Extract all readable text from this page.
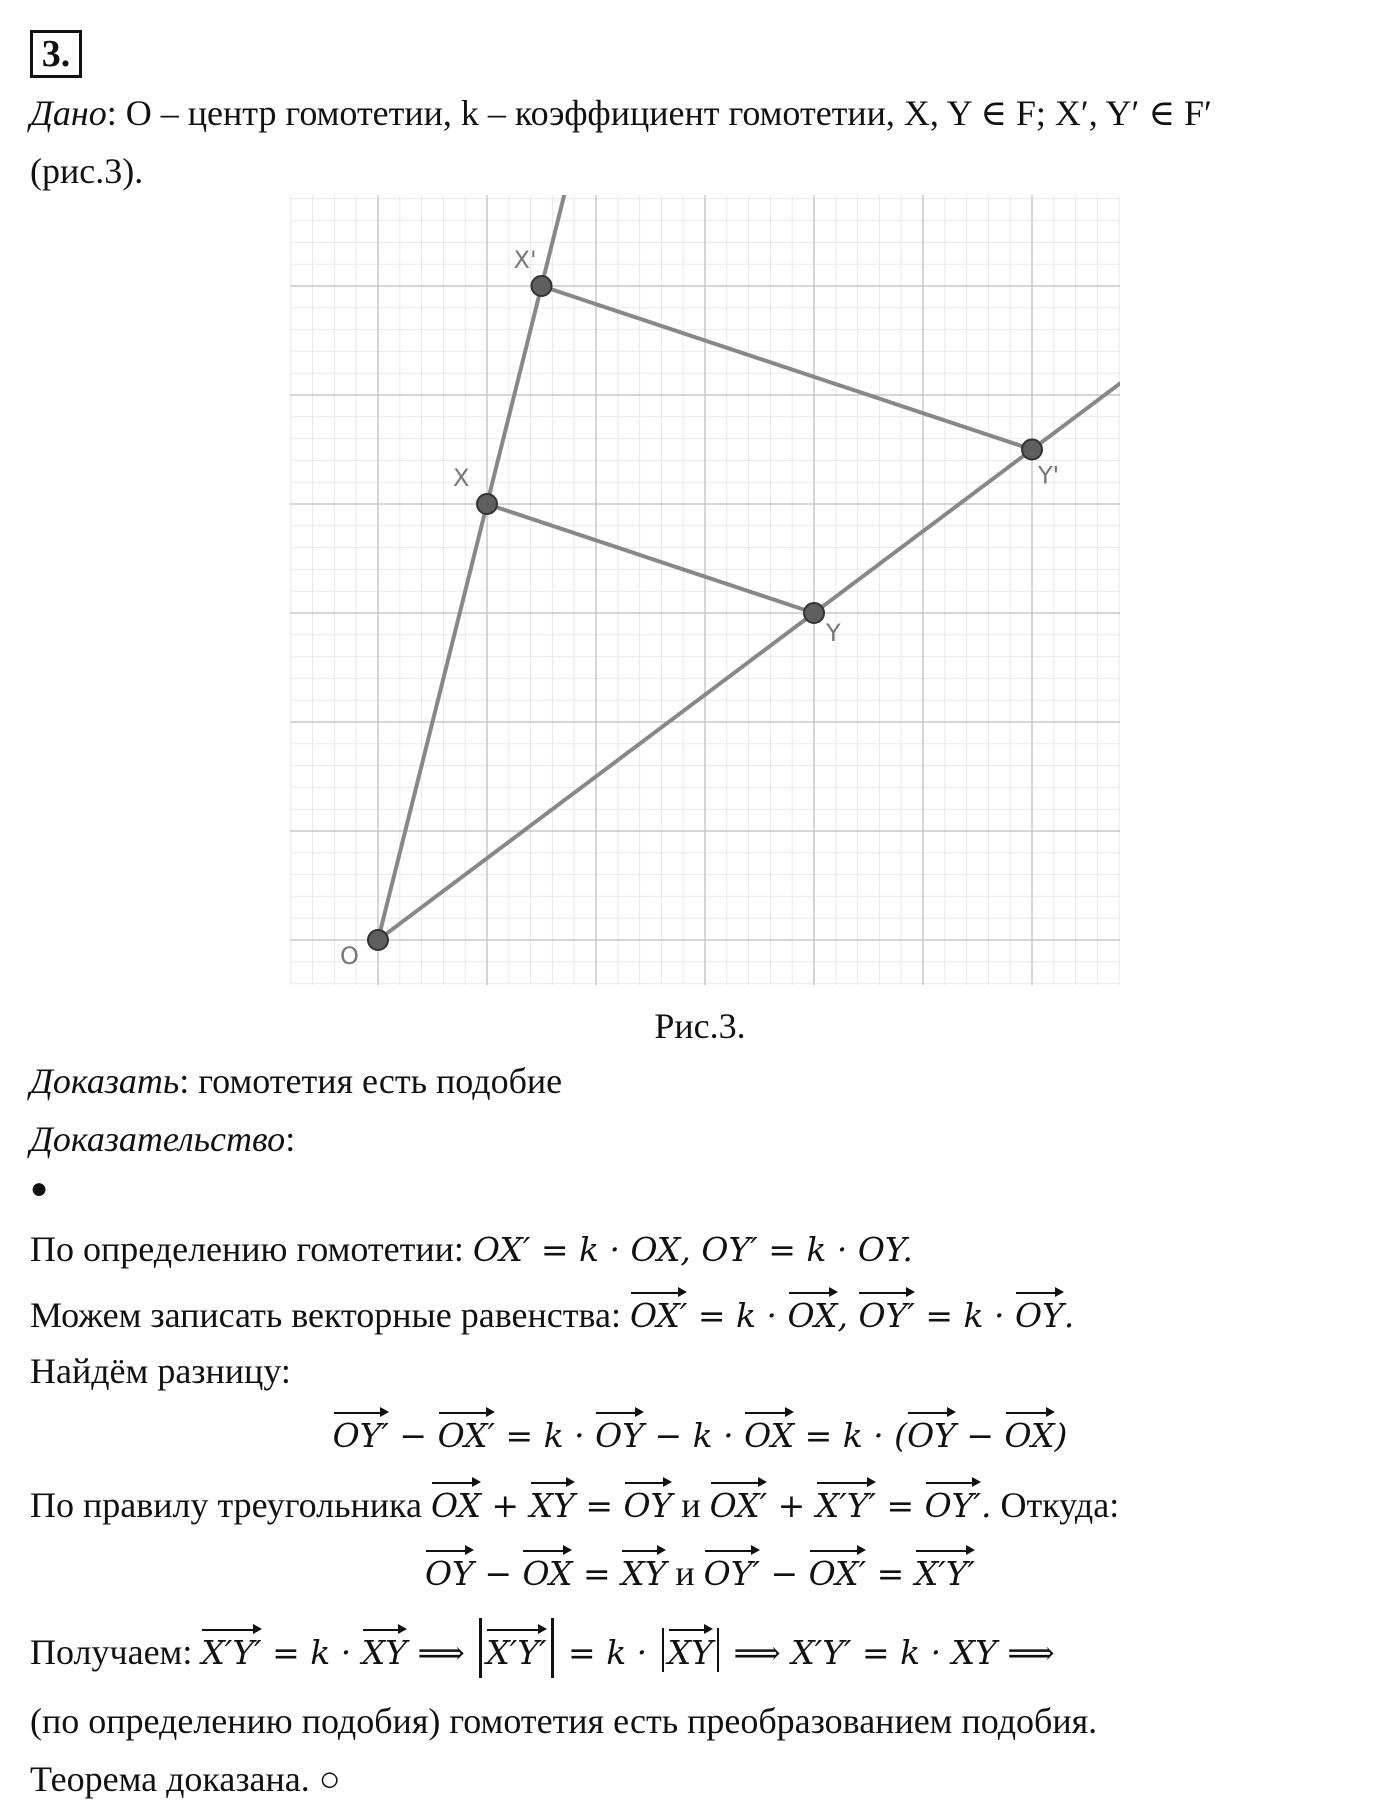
3.
Дано: O – центр гомотетии, k – коэффициент гомотетии, X, Y ∈ F; X′, Y′ ∈ F′
(рис.3).
O
X
X'
Y
Y'
Рис.3.
Доказать: гомотетия есть подобие
Доказательство:
●
По определению гомотетии: OX′ = k · OX, OY′ = k · OY.
Можем записать векторные равенства: OX′ = k · OX, OY′ = k · OY.
Найдём разницу:
OY′ − OX′ = k · OY − k · OX = k · (OY − OX)
По правилу треугольника OX + XY = OY и OX′ + X′Y′ = OY′. Откуда:
OY − OX = XY и OY′ − OX′ = X′Y′
Получаем: X′Y′ = k · XY ⟹ X′Y′ = k · XY ⟹ X′Y′ = k · XY ⟹
(по определению подобия) гомотетия есть преобразованием подобия.
Теорема доказана. ○
